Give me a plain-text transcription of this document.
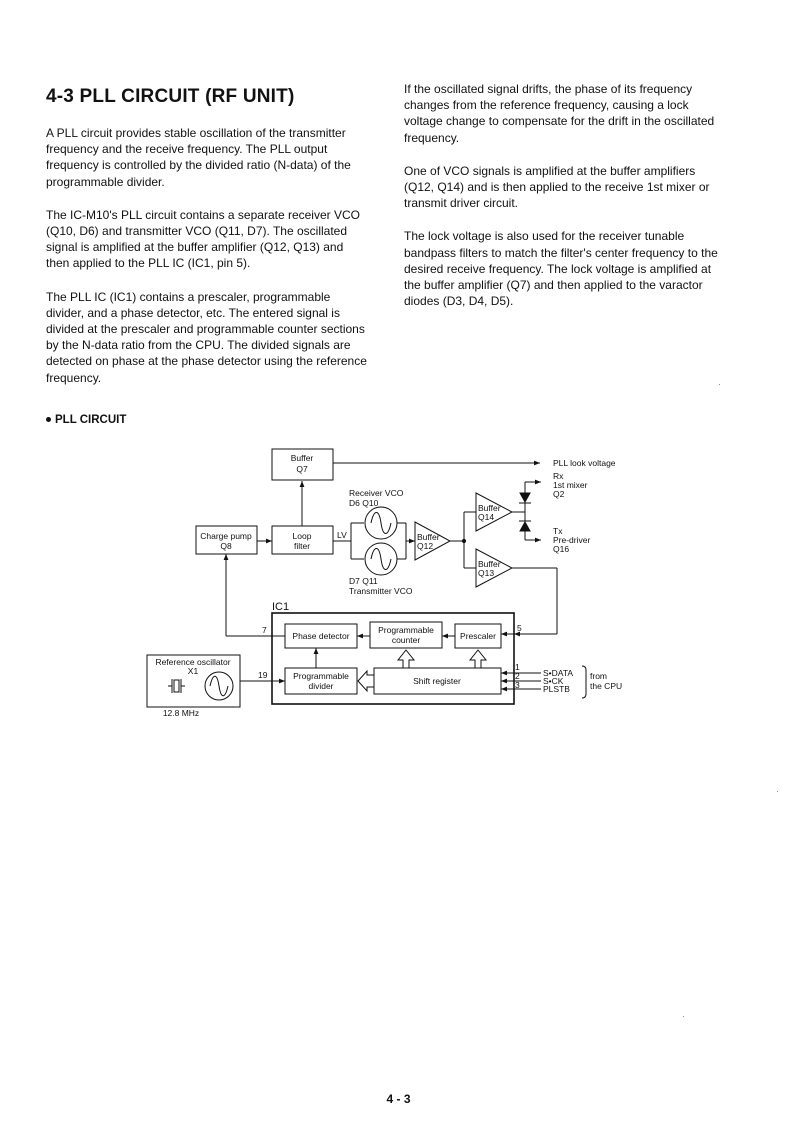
4-3 PLL CIRCUIT (RF UNIT)

A PLL circuit provides stable oscillation of the transmitter frequency and the receive frequency. The PLL output frequency is controlled by the divided ratio (N-data) of the programmable divider.

The IC-M10's PLL circuit contains a separate receiver VCO (Q10, D6) and transmitter VCO (Q11, D7). The oscillated signal is amplified at the buffer amplifier (Q12, Q13) and then applied to the PLL IC (IC1, pin 5).

The PLL IC (IC1) contains a prescaler, programmable divider, and a phase detector, etc. The entered signal is divided at the prescaler and programmable counter sections by the N-data ratio from the CPU. The divided signals are detected on phase at the phase detector using the reference frequency.

If the oscillated signal drifts, the phase of its frequency changes from the reference frequency, causing a lock voltage change to compensate for the drift in the oscillated frequency.

One of VCO signals is amplified at the buffer amplifiers (Q12, Q14) and is then applied to the receive 1st mixer or transmit driver circuit.

The lock voltage is also used for the receiver tunable bandpass filters to match the filter's center frequency to the desired receive frequency. The lock voltage is amplified at the buffer amplifier (Q7) and then applied to the varactor diodes (D3, D4, D5).

PLL CIRCUIT
Buffer
Q7
Charge pump
Q8
Loop
filter
LV
Receiver VCO
D6 Q10
D7 Q11
Transmitter VCO
Buffer
Q12
Buffer
Q14
Buffer
Q13
PLL look voltage
Rx
1st mixer
Q2
Tx
Pre-driver
Q16
Phase detector
Programmable
counter	Prescaler
Programmable
divider	Shift register
Reference oscillator
X1
12.8 MHz
5
7
19
1
2
3
S•DATA
S•CK
PLSTB
from
the CPU
IC1
4 - 3
